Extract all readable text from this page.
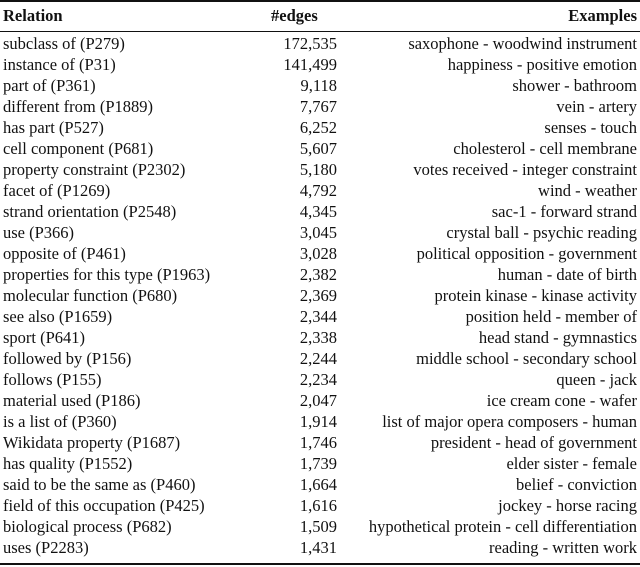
Relation	#edges	Examples

subclass of (P279)	172,535	saxophone - woodwind instrument
instance of (P31)	141,499	happiness - positive emotion
part of (P361)	9,118	shower - bathroom
different from (P1889)	7,767	vein - artery
has part (P527)	6,252	senses - touch
cell component (P681)	5,607	cholesterol - cell membrane
property constraint (P2302)	5,180	votes received - integer constraint
facet of (P1269)	4,792	wind - weather
strand orientation (P2548)	4,345	sac-1 - forward strand
use (P366)	3,045	crystal ball - psychic reading
opposite of (P461)	3,028	political opposition - government
properties for this type (P1963)	2,382	human - date of birth
molecular function (P680)	2,369	protein kinase - kinase activity
see also (P1659)	2,344	position held - member of
sport (P641)	2,338	head stand - gymnastics
followed by (P156)	2,244	middle school - secondary school
follows (P155)	2,234	queen - jack
material used (P186)	2,047	ice cream cone - wafer
is a list of (P360)	1,914	list of major opera composers - human
Wikidata property (P1687)	1,746	president - head of government
has quality (P1552)	1,739	elder sister - female
said to be the same as (P460)	1,664	belief - conviction
field of this occupation (P425)	1,616	jockey - horse racing
biological process (P682)	1,509	hypothetical protein - cell differentiation
uses (P2283)	1,431	reading - written work
